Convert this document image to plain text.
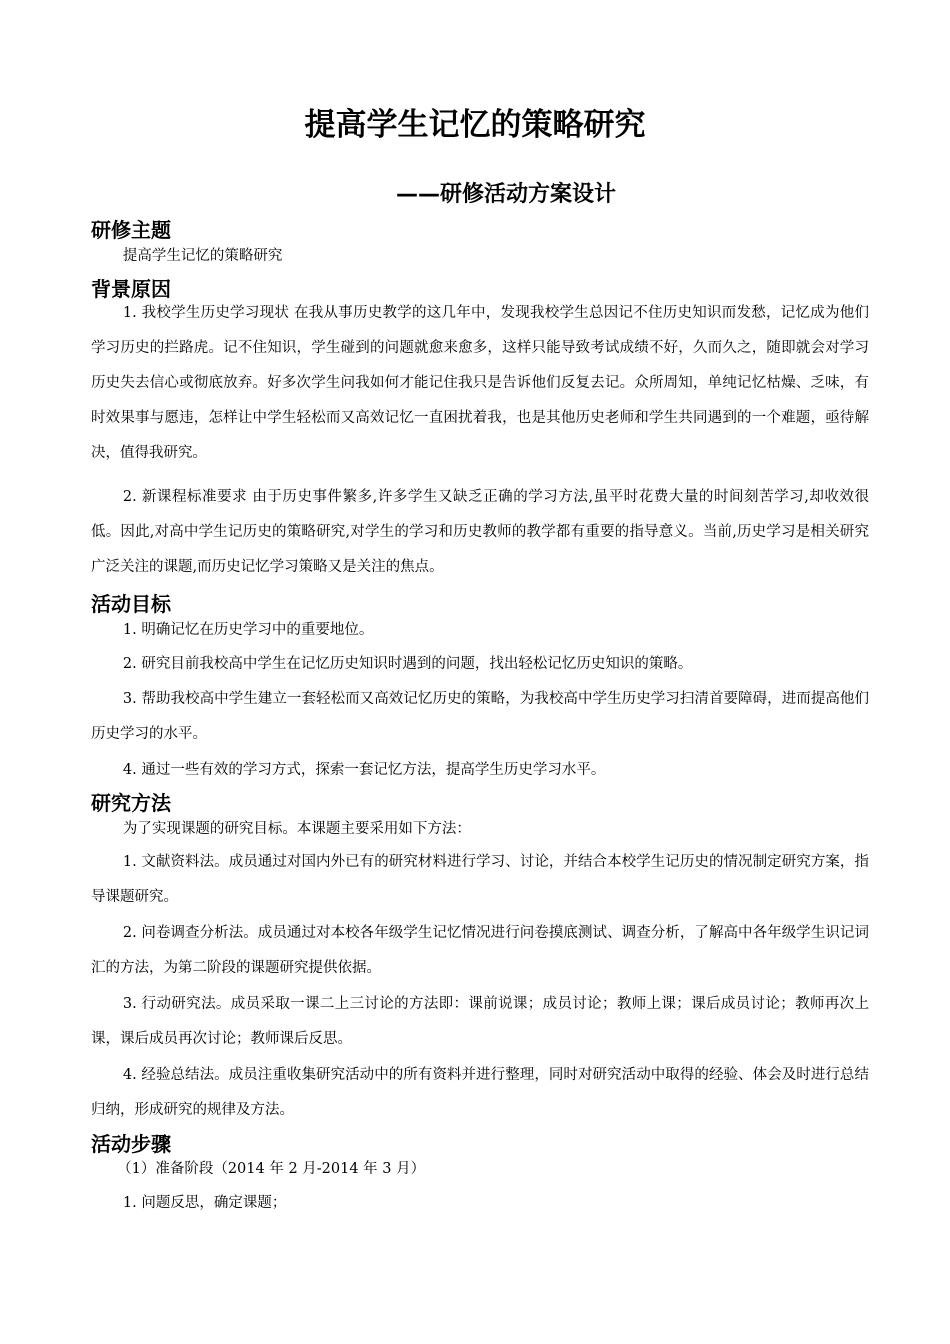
提高学生记忆的策略研究
——研修活动方案设计
研修主题

提高学生记忆的策略研究

背景原因

1. 我校学生历史学习现状 在我从事历史教学的这几年中，发现我校学生总因记不住历史知识而发愁，记忆成为他们学习历史的拦路虎。记不住知识，学生碰到的问题就愈来愈多，这样只能导致考试成绩不好，久而久之，随即就会对学习历史失去信心或彻底放弃。好多次学生问我如何才能记住我只是告诉他们反复去记。众所周知，单纯记忆枯燥、乏味，有时效果事与愿违，怎样让中学生轻松而又高效记忆一直困扰着我，也是其他历史老师和学生共同遇到的一个难题，亟待解决，值得我研究。

2. 新课程标准要求 由于历史事件繁多,许多学生又缺乏正确的学习方法,虽平时花费大量的时间刻苦学习,却收效很低。因此,对高中学生记历史的策略研究,对学生的学习和历史教师的教学都有重要的指导意义。当前,历史学习是相关研究广泛关注的课题,而历史记忆学习策略又是关注的焦点。

活动目标

1. 明确记忆在历史学习中的重要地位。

2. 研究目前我校高中学生在记忆历史知识时遇到的问题，找出轻松记忆历史知识的策略。

3. 帮助我校高中学生建立一套轻松而又高效记忆历史的策略，为我校高中学生历史学习扫清首要障碍，进而提高他们历史学习的水平。

4. 通过一些有效的学习方式，探索一套记忆方法，提高学生历史学习水平。

研究方法

为了实现课题的研究目标。本课题主要采用如下方法：

1. 文献资料法。成员通过对国内外已有的研究材料进行学习、讨论，并结合本校学生记历史的情况制定研究方案，指导课题研究。

2. 问卷调查分析法。成员通过对本校各年级学生记忆情况进行问卷摸底测试、调查分析，了解高中各年级学生识记词汇的方法，为第二阶段的课题研究提供依据。

3. 行动研究法。成员采取一课二上三讨论的方法即：课前说课；成员讨论；教师上课；课后成员讨论；教师再次上课，课后成员再次讨论；教师课后反思。

4. 经验总结法。成员注重收集研究活动中的所有资料并进行整理，同时对研究活动中取得的经验、体会及时进行总结归纳，形成研究的规律及方法。

活动步骤

（1）准备阶段（2014 年 2 月-2014 年 3 月）

1. 问题反思，确定课题；
